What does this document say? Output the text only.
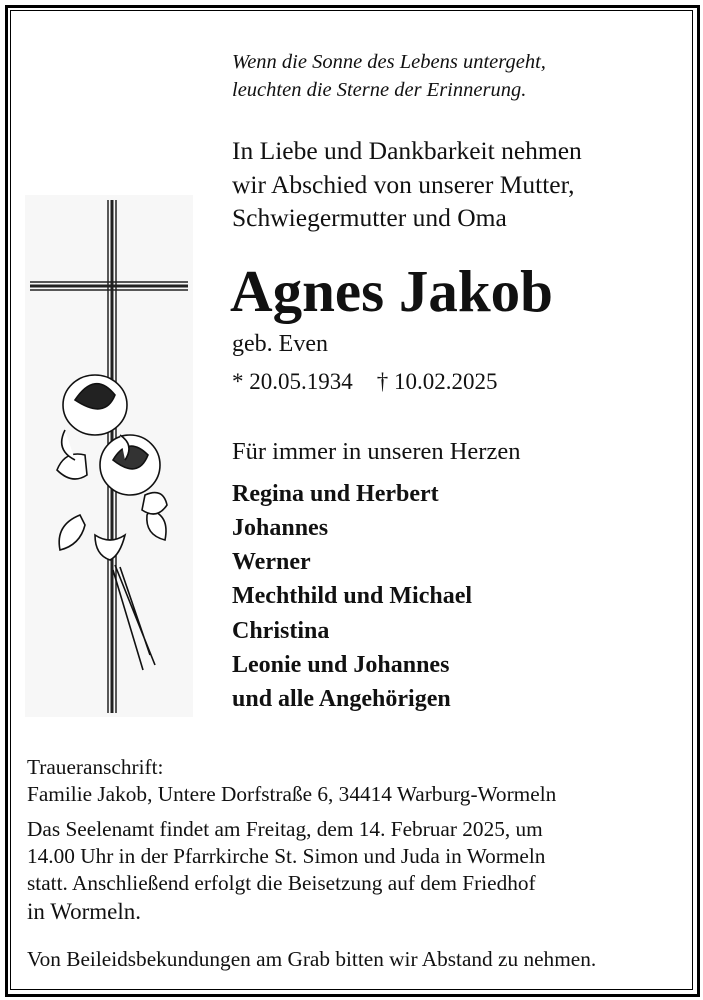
Wenn die Sonne des Lebens untergeht,
leuchten die Sterne der Erinnerung.
In Liebe und Dankbarkeit nehmen
wir Abschied von unserer Mutter,
Schwiegermutter und Oma
Agnes Jakob
geb. Even
* 20.05.1934 † 10.02.2025
Für immer in unseren Herzen
Regina und Herbert
Johannes
Werner
Mechthild und Michael
Christina
Leonie und Johannes
und alle Angehörigen
Traueranschrift:
Familie Jakob, Untere Dorfstraße 6, 34414 Warburg-Wormeln
Das Seelenamt findet am Freitag, dem 14. Februar 2025, um
14.00 Uhr in der Pfarrkirche St. Simon und Juda in Wormeln
statt. Anschließend erfolgt die Beisetzung auf dem Friedhof
in Wormeln.
Von Beileidsbekundungen am Grab bitten wir Abstand zu nehmen.
